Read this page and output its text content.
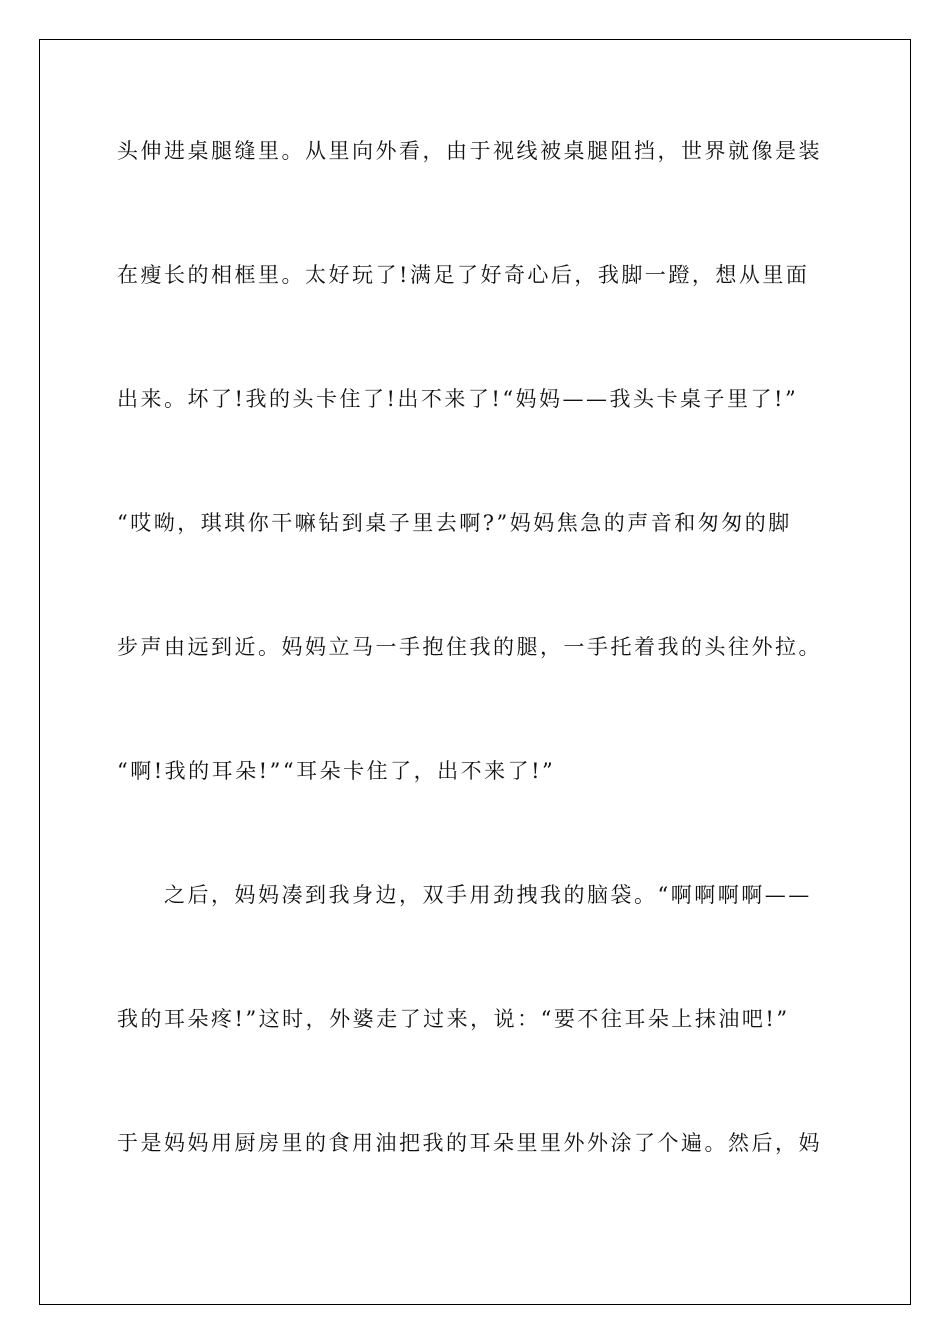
头伸进桌腿缝里。从里向外看，由于视线被桌腿阻挡，世界就像是装
在瘦长的相框里。太好玩了!满足了好奇心后，我脚一蹬，想从里面
出来。坏了!我的头卡住了!出不来了!“妈妈——我头卡桌子里了!”
“哎呦，琪琪你干嘛钻到桌子里去啊?”妈妈焦急的声音和匆匆的脚
步声由远到近。妈妈立马一手抱住我的腿，一手托着我的头往外拉。
“啊!我的耳朵!”“耳朵卡住了，出不来了!”
之后，妈妈凑到我身边，双手用劲拽我的脑袋。“啊啊啊啊——
我的耳朵疼!”这时，外婆走了过来，说：“要不往耳朵上抹油吧!”
于是妈妈用厨房里的食用油把我的耳朵里里外外涂了个遍。然后，妈
